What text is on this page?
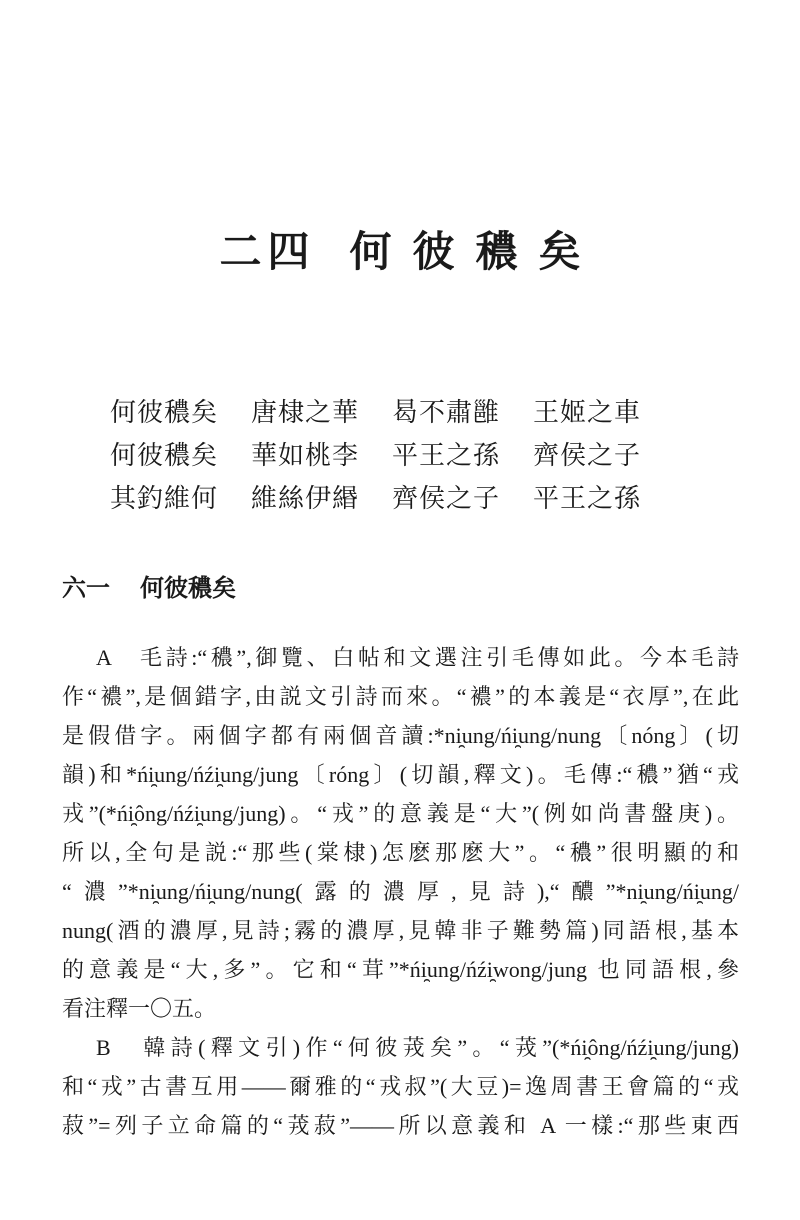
二四 何彼穠矣
何彼穠矣 唐棣之華 曷不肅雝 王姬之車
何彼穠矣 華如桃李 平王之孫 齊侯之子
其釣維何 維絲伊緡 齊侯之子 平王之孫
六一 何彼穠矣
A　毛詩:“穠”,御覽、白帖和文選注引毛傳如此。今本毛詩
作“襛”,是個錯字,由説文引詩而來。“襛”的本義是“衣厚”,在此
是假借字。兩個字都有兩個音讀:*ni̯ung/ńi̯ung/nung〔nóng〕(切
韻)和*ńi̯ung/ńźi̯ung/jung〔róng〕(切韻,釋文)。毛傳:“穠”猶“戎
戎”(*ńi̯ông/ńźi̯ung/jung)。“戎”的意義是“大”(例如尚書盤庚)。
所以,全句是説:“那些(棠棣)怎麽那麽大”。“穠”很明顯的和
“濃”*ni̯ung/ńi̯ung/nung(露的濃厚,見詩),“醲”*ni̯ung/ńi̯ung/
nung(酒的濃厚,見詩;霧的濃厚,見韓非子難勢篇)同語根,基本
的意義是“大,多”。它和“茸”*ńi̯ung/ńźi̯wong/jung 也同語根,參
看注釋一〇五。
B　韓詩(釋文引)作“何彼茙矣”。“茙”(*ńi̯ông/ńźi̯ung/jung)
和“戎”古書互用——爾雅的“戎叔”(大豆)=逸周書王會篇的“戎
菽”=列子立命篇的“茙菽”——所以意義和 A 一樣:“那些東西
